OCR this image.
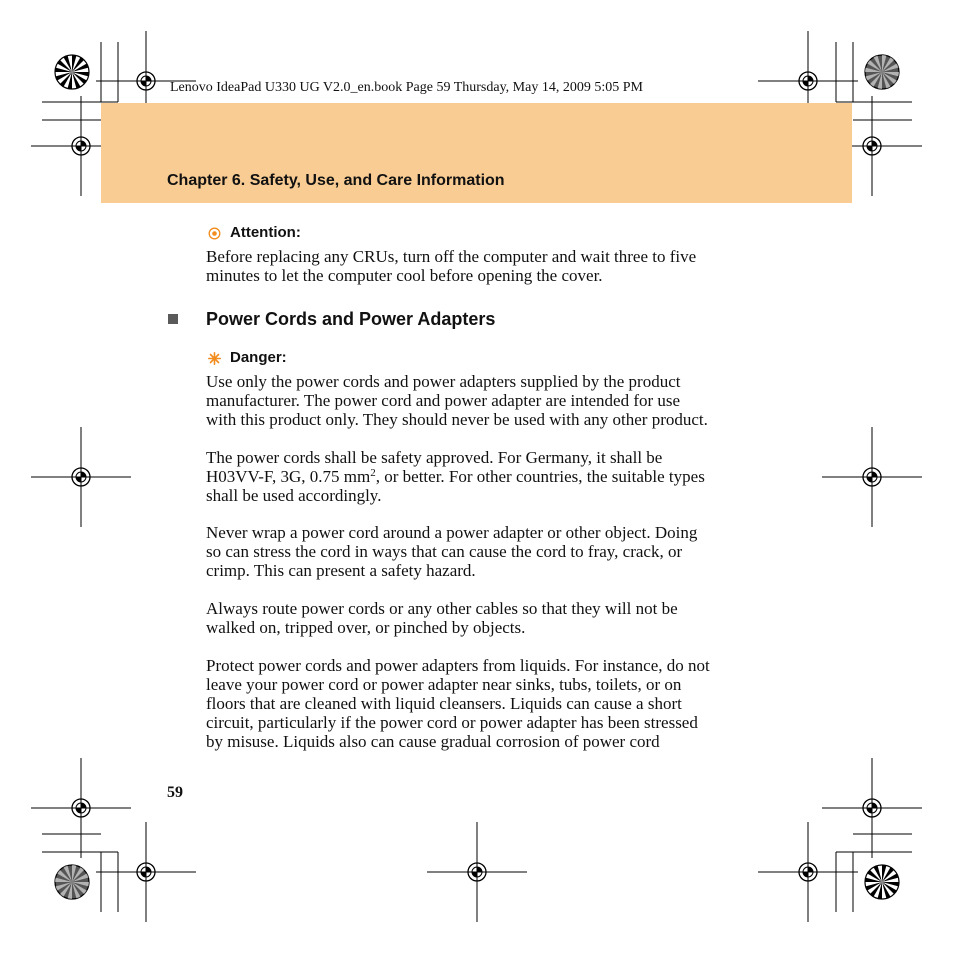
Lenovo IdeaPad U330 UG V2.0_en.book Page 59 Thursday, May 14, 2009 5:05 PM
Chapter 6. Safety, Use, and Care Information
Attention:
Before replacing any CRUs, turn off the computer and wait three to five
minutes to let the computer cool before opening the cover.
Power Cords and Power Adapters
Danger:
Use only the power cords and power adapters supplied by the product
manufacturer. The power cord and power adapter are intended for use
with this product only. They should never be used with any other product.
The power cords shall be safety approved. For Germany, it shall be
H03VV-F, 3G, 0.75 $mm^2$, or better. For other countries, the suitable types
shall be used accordingly.
Never wrap a power cord around a power adapter or other object. Doing
so can stress the cord in ways that can cause the cord to fray, crack, or
crimp. This can present a safety hazard.
Always route power cords or any other cables so that they will not be
walked on, tripped over, or pinched by objects.
Protect power cords and power adapters from liquids. For instance, do not
leave your power cord or power adapter near sinks, tubs, toilets, or on
floors that are cleaned with liquid cleansers. Liquids can cause a short
circuit, particularly if the power cord or power adapter has been stressed
by misuse. Liquids also can cause gradual corrosion of power cord
59
